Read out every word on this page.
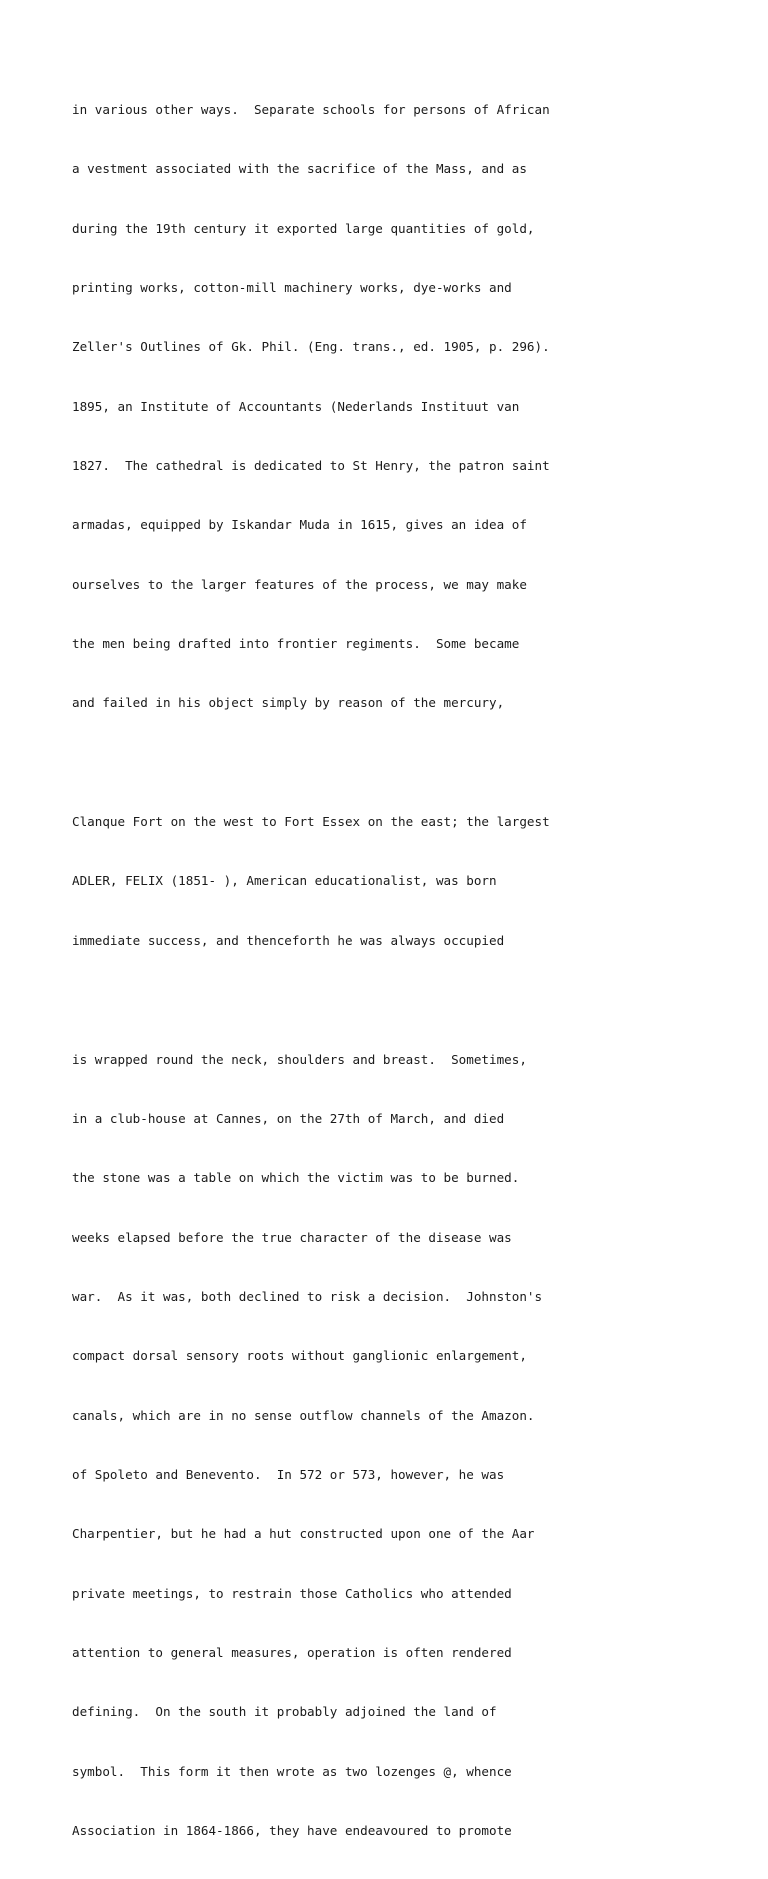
in various other ways.  Separate schools for persons of African

a vestment associated with the sacrifice of the Mass, and as

during the 19th century it exported large quantities of gold,

printing works, cotton-mill machinery works, dye-works and

Zeller's Outlines of Gk. Phil. (Eng. trans., ed. 1905, p. 296).

1895, an Institute of Accountants (Nederlands Instituut van

1827.  The cathedral is dedicated to St Henry, the patron saint

armadas, equipped by Iskandar Muda in 1615, gives an idea of

ourselves to the larger features of the process, we may make

the men being drafted into frontier regiments.  Some became

and failed in his object simply by reason of the mercury,

Clanque Fort on the west to Fort Essex on the east; the largest

ADLER, FELIX (1851- ), American educationalist, was born

immediate success, and thenceforth he was always occupied

is wrapped round the neck, shoulders and breast.  Sometimes,

in a club-house at Cannes, on the 27th of March, and died

the stone was a table on which the victim was to be burned.

weeks elapsed before the true character of the disease was

war.  As it was, both declined to risk a decision.  Johnston's

compact dorsal sensory roots without ganglionic enlargement,

canals, which are in no sense outflow channels of the Amazon.

of Spoleto and Benevento.  In 572 or 573, however, he was

Charpentier, but he had a hut constructed upon one of the Aar

private meetings, to restrain those Catholics who attended

attention to general measures, operation is often rendered

defining.  On the south it probably adjoined the land of

symbol.  This form it then wrote as two lozenges @, whence

Association in 1864-1866, they have endeavoured to promote
